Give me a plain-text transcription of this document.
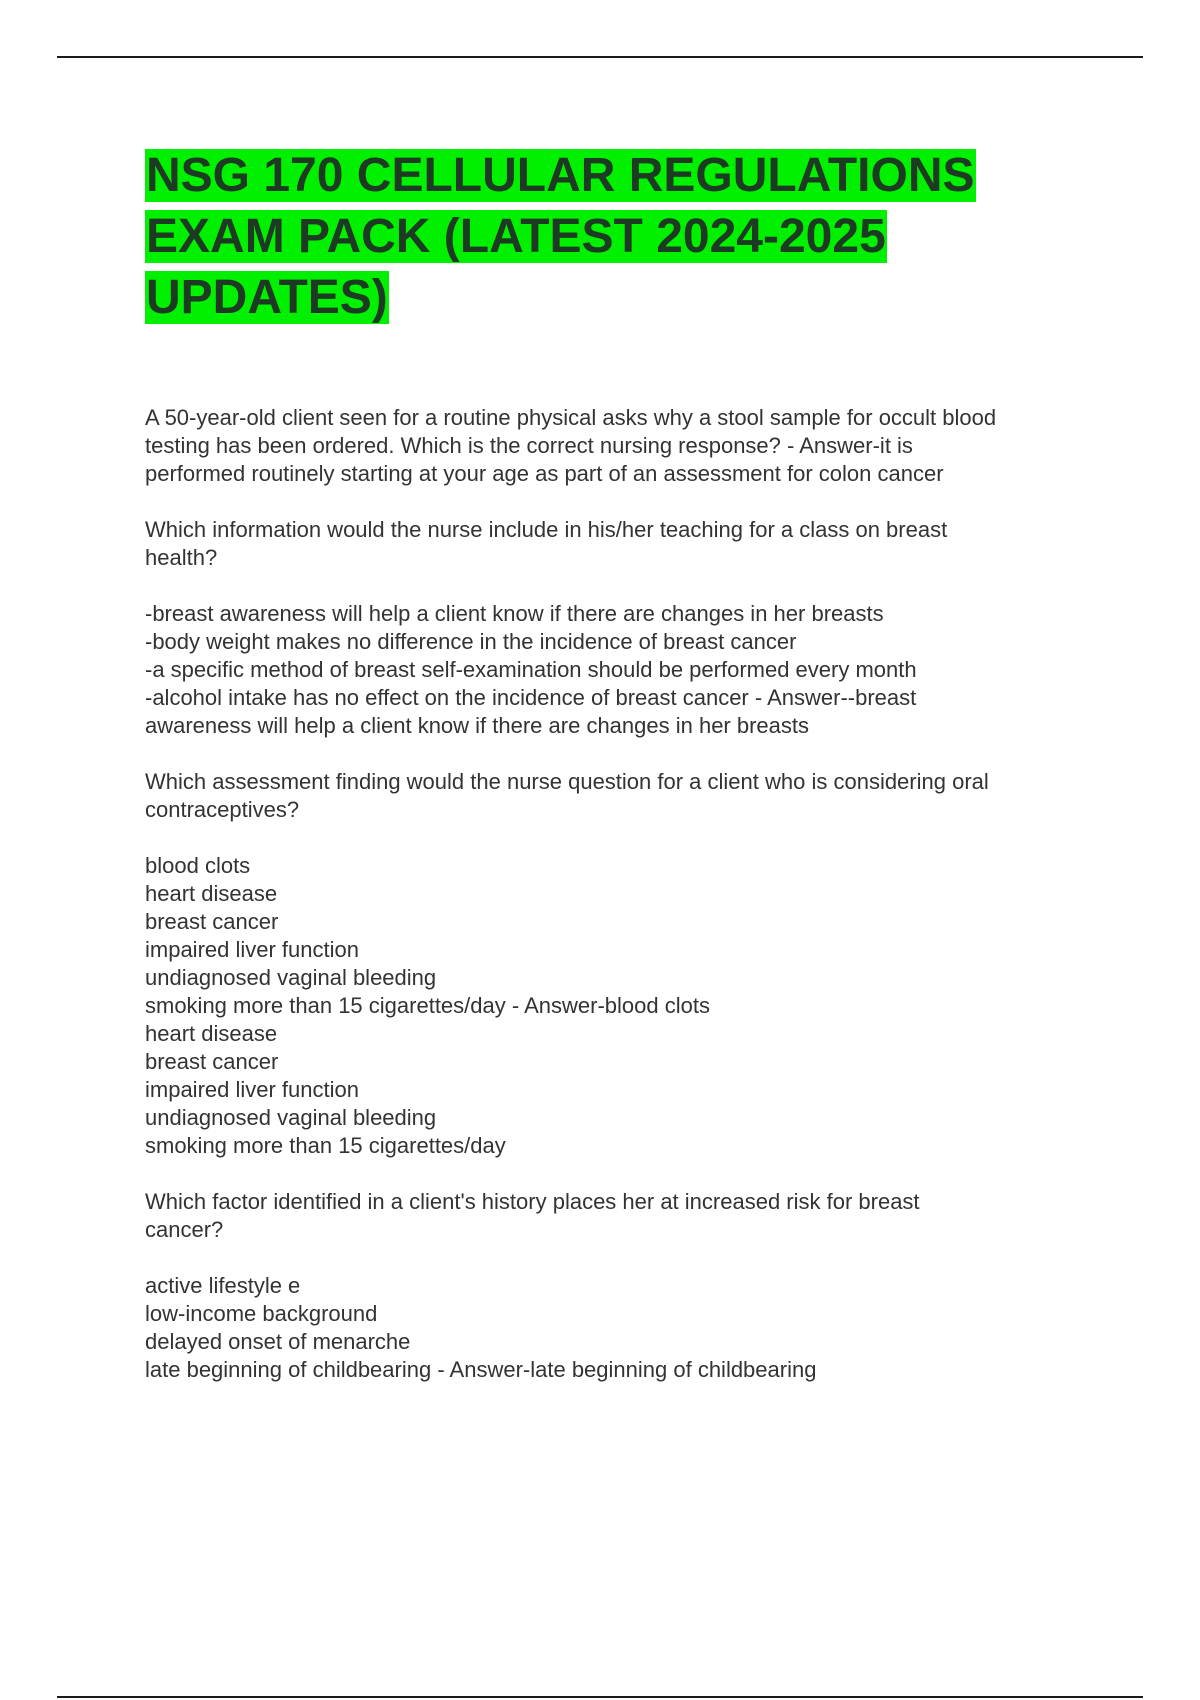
NSG 170 CELLULAR REGULATIONS
EXAM PACK (LATEST 2024-2025
UPDATES)

A 50-year-old client seen for a routine physical asks why a stool sample for occult blood
testing has been ordered. Which is the correct nursing response? - Answer-it is
performed routinely starting at your age as part of an assessment for colon cancer

Which information would the nurse include in his/her teaching for a class on breast
health?

-breast awareness will help a client know if there are changes in her breasts
-body weight makes no difference in the incidence of breast cancer
-a specific method of breast self-examination should be performed every month
-alcohol intake has no effect on the incidence of breast cancer - Answer--breast
awareness will help a client know if there are changes in her breasts

Which assessment finding would the nurse question for a client who is considering oral
contraceptives?

blood clots
heart disease
breast cancer
impaired liver function
undiagnosed vaginal bleeding
smoking more than 15 cigarettes/day - Answer-blood clots
heart disease
breast cancer
impaired liver function
undiagnosed vaginal bleeding
smoking more than 15 cigarettes/day

Which factor identified in a client's history places her at increased risk for breast
cancer?

active lifestyle e
low-income background
delayed onset of menarche
late beginning of childbearing - Answer-late beginning of childbearing
